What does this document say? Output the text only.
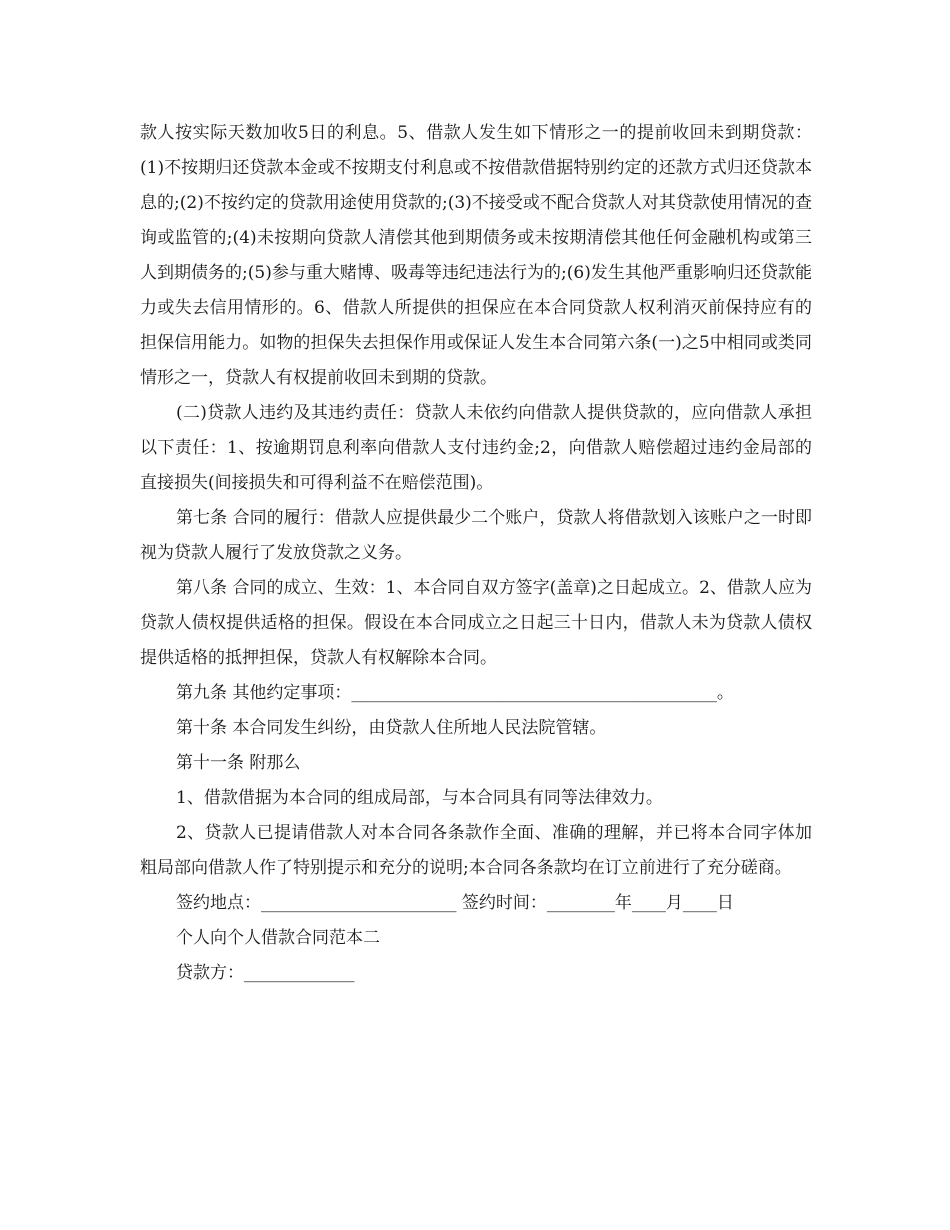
款人按实际天数加收5日的利息。5、借款人发生如下情形之一的提前收回未到期贷款：(1)不按期归还贷款本金或不按期支付利息或不按借款借据特别约定的还款方式归还贷款本息的;(2)不按约定的贷款用途使用贷款的;(3)不接受或不配合贷款人对其贷款使用情况的查询或监管的;(4)未按期向贷款人清偿其他到期债务或未按期清偿其他任何金融机构或第三人到期债务的;(5)参与重大赌博、吸毒等违纪违法行为的;(6)发生其他严重影响归还贷款能力或失去信用情形的。6、借款人所提供的担保应在本合同贷款人权利消灭前保持应有的担保信用能力。如物的担保失去担保作用或保证人发生本合同第六条(一)之5中相同或类同情形之一，贷款人有权提前收回未到期的贷款。

(二)贷款人违约及其违约责任：贷款人未依约向借款人提供贷款的，应向借款人承担以下责任：1、按逾期罚息利率向借款人支付违约金;2，向借款人赔偿超过违约金局部的直接损失(间接损失和可得利益不在赔偿范围)。

第七条 合同的履行：借款人应提供最少二个账户，贷款人将借款划入该账户之一时即视为贷款人履行了发放贷款之义务。

第八条 合同的成立、生效：1、本合同自双方签字(盖章)之日起成立。2、借款人应为贷款人债权提供适格的担保。假设在本合同成立之日起三十日内，借款人未为贷款人债权提供适格的抵押担保，贷款人有权解除本合同。

第九条 其他约定事项：___________________________________________。

第十条 本合同发生纠纷，由贷款人住所地人民法院管辖。

第十一条 附那么

1、借款借据为本合同的组成局部，与本合同具有同等法律效力。

2、贷款人已提请借款人对本合同各条款作全面、准确的理解，并已将本合同字体加粗局部向借款人作了特别提示和充分的说明;本合同各条款均在订立前进行了充分磋商。

签约地点：_______________________ 签约时间：________年____月____日

个人向个人借款合同范本二

贷款方：_____________
